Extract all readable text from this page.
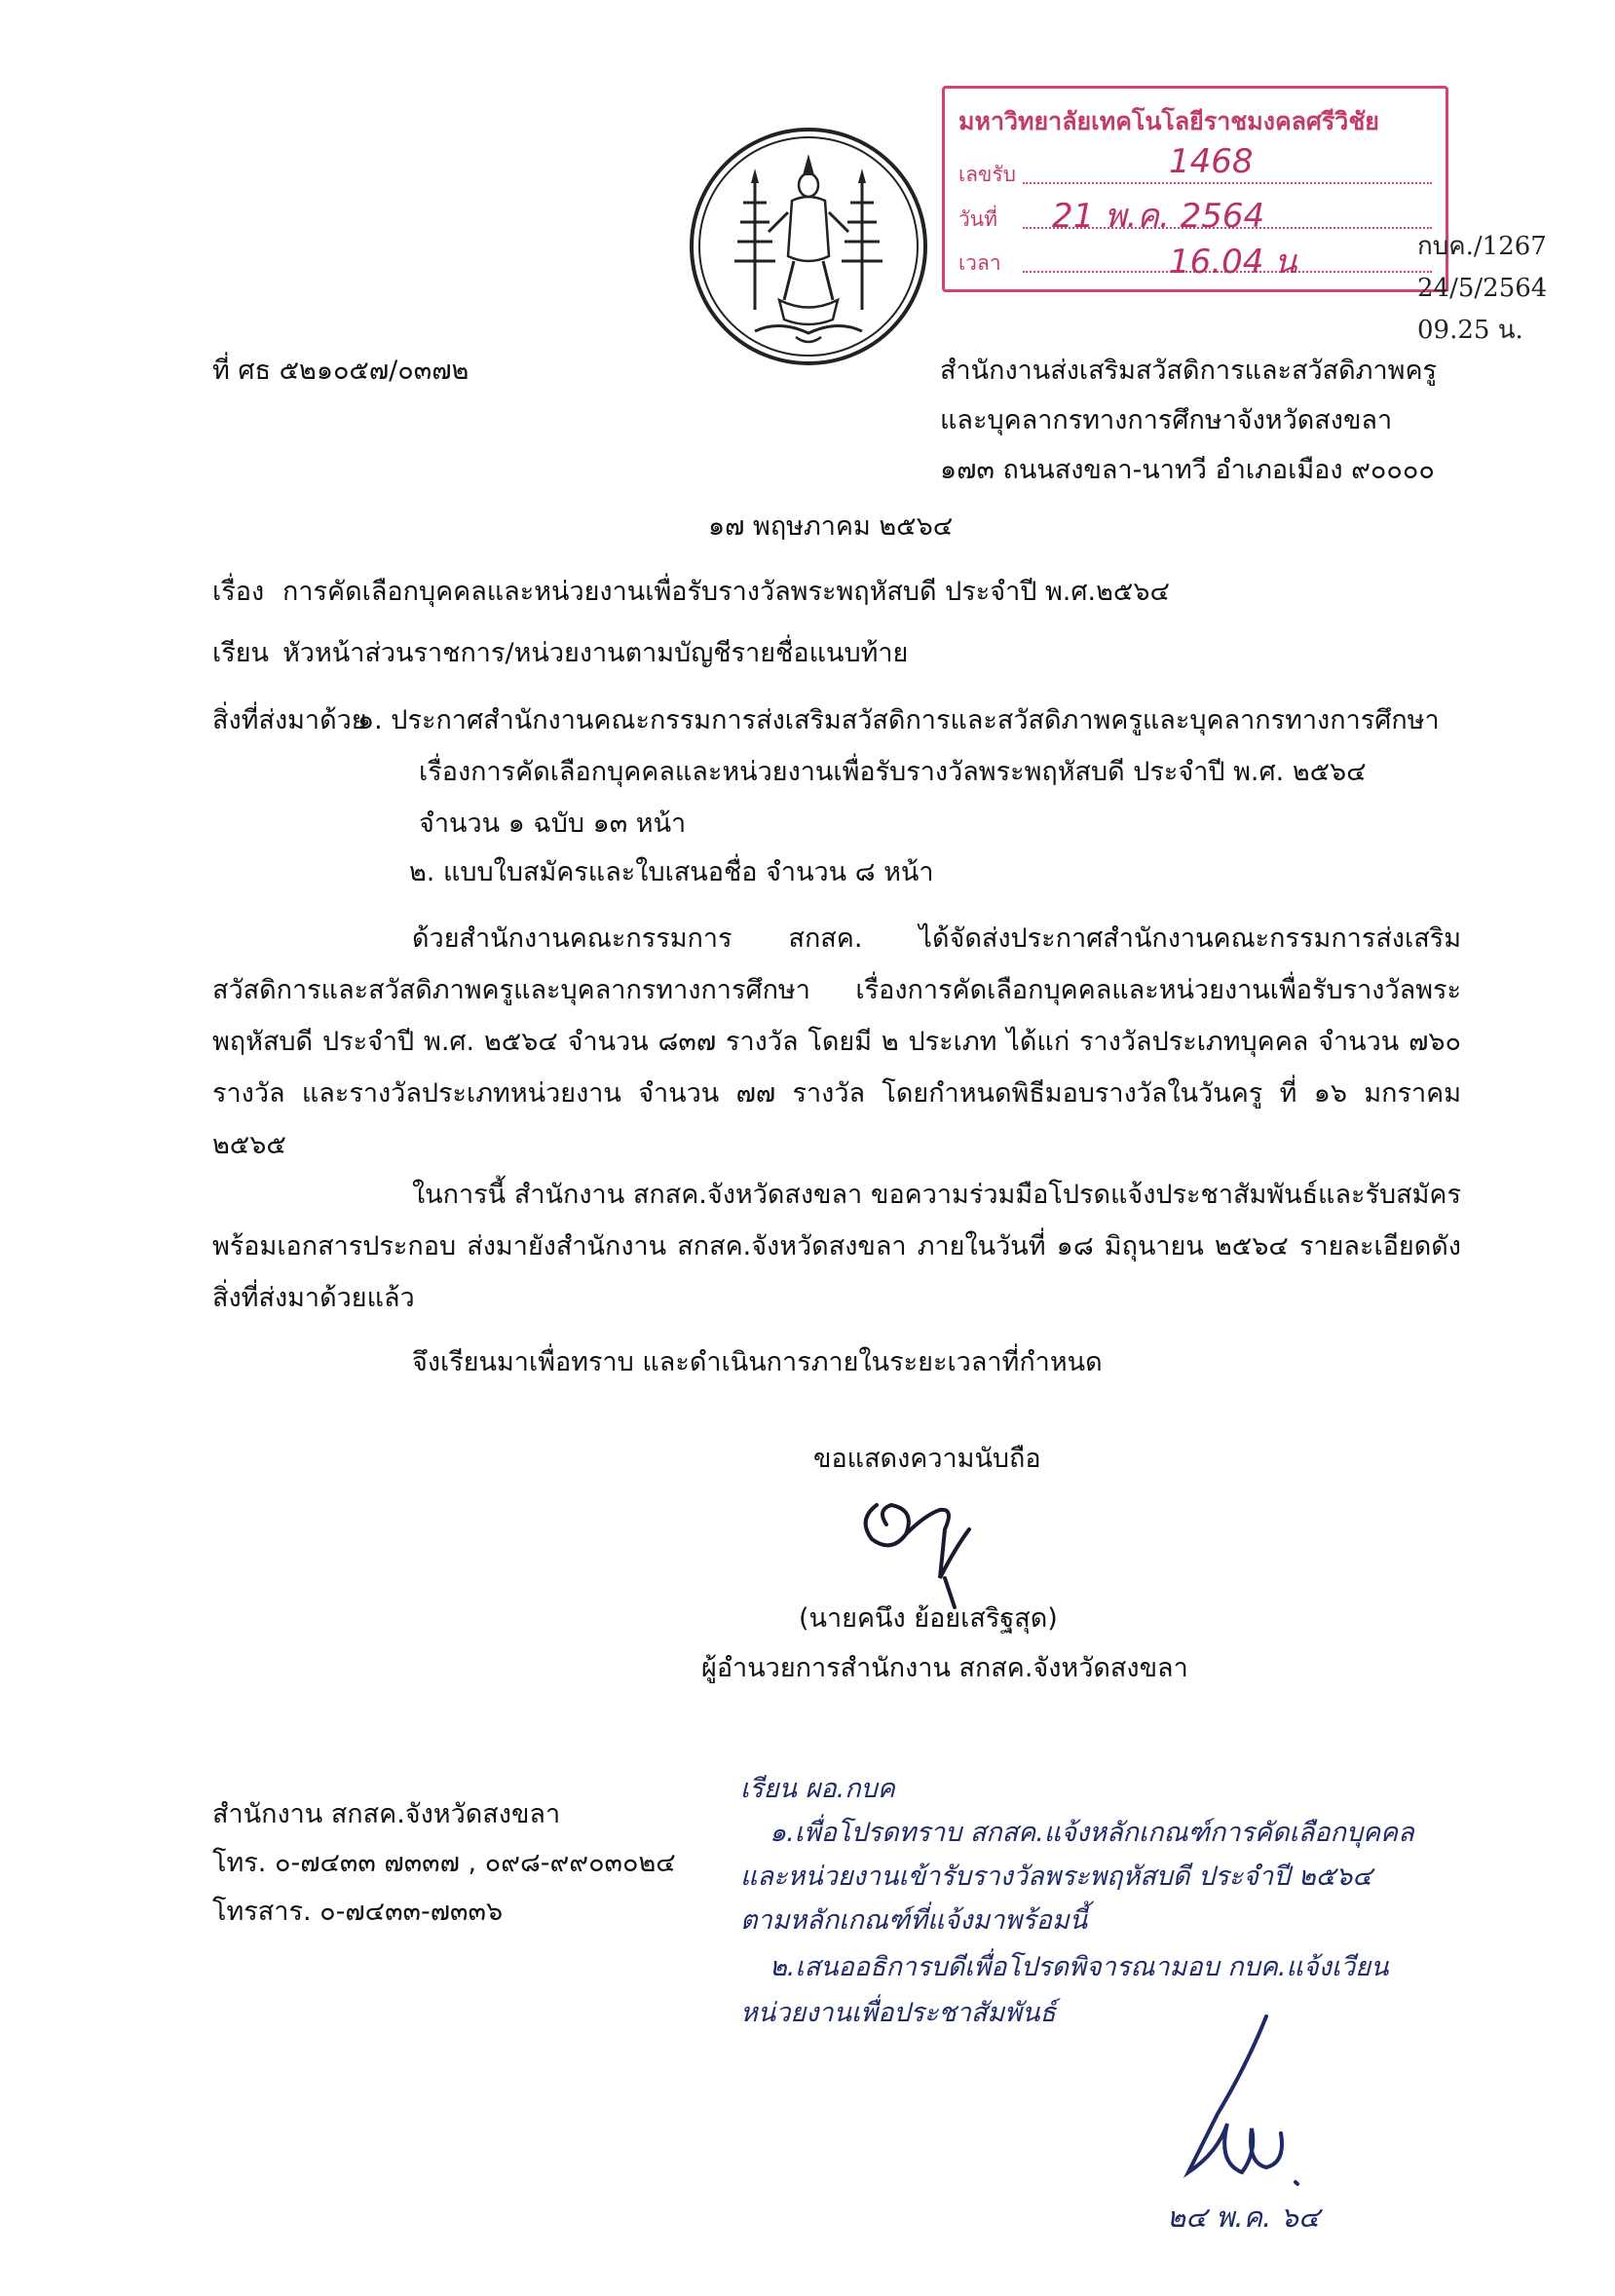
มหาวิทยาลัยเทคโนโลยีราชมงคลศรีวิชัย
เลขรับ	1468
วันที่ 21 พ.ค. 2564
เวลา	16.04 น	กบค./1267
24/5/2564
09.25 น.
ที่ ศธ ๕๒๑๐๕๗/๐๓๗๒	สำนักงานส่งเสริมสวัสดิการและสวัสดิภาพครู
และบุคลากรทางการศึกษาจังหวัดสงขลา
๑๗๓ ถนนสงขลา-นาทวี อำเภอเมือง ๙๐๐๐๐
๑๗ พฤษภาคม ๒๕๖๔
เรื่อง การคัดเลือกบุคคลและหน่วยงานเพื่อรับรางวัลพระพฤหัสบดี ประจำปี พ.ศ.๒๕๖๔
เรียน หัวหน้าส่วนราชการ/หน่วยงานตามบัญชีรายชื่อแนบท้าย
สิ่งที่ส่งมาด้วย
๑. ประกาศสำนักงานคณะกรรมการส่งเสริมสวัสดิการและสวัสดิภาพครูและบุคลากรทางการศึกษา
เรื่องการคัดเลือกบุคคลและหน่วยงานเพื่อรับรางวัลพระพฤหัสบดี ประจำปี พ.ศ. ๒๕๖๔
จำนวน ๑ ฉบับ ๑๓ หน้า
๒. แบบใบสมัครและใบเสนอชื่อ จำนวน ๘ หน้า
ด้วยสำนักงานคณะกรรมการ สกสค. ได้จัดส่งประกาศสำนักงานคณะกรรมการส่งเสริมสวัสดิการและสวัสดิภาพครูและบุคลากรทางการศึกษา เรื่องการคัดเลือกบุคคลและหน่วยงานเพื่อรับรางวัลพระพฤหัสบดี ประจำปี พ.ศ. ๒๕๖๔ จำนวน ๘๓๗ รางวัล โดยมี ๒ ประเภท ได้แก่ รางวัลประเภทบุคคล จำนวน ๗๖๐ รางวัล และรางวัลประเภทหน่วยงาน จำนวน ๗๗ รางวัล โดยกำหนดพิธีมอบรางวัลในวันครู ที่ ๑๖ มกราคม ๒๕๖๕
ในการนี้ สำนักงาน สกสค.จังหวัดสงขลา ขอความร่วมมือโปรดแจ้งประชาสัมพันธ์และรับสมัครพร้อมเอกสารประกอบ ส่งมายังสำนักงาน สกสค.จังหวัดสงขลา ภายในวันที่ ๑๘ มิถุนายน ๒๕๖๔ รายละเอียดดังสิ่งที่ส่งมาด้วยแล้ว
จึงเรียนมาเพื่อทราบ และดำเนินการภายในระยะเวลาที่กำหนด
ขอแสดงความนับถือ
(นายคนึง ย้อยเสริฐสุด)
ผู้อำนวยการสำนักงาน สกสค.จังหวัดสงขลา
สำนักงาน สกสค.จังหวัดสงขลา
โทร. ๐-๗๔๓๓ ๗๓๓๗ , ๐๙๘-๙๙๐๓๐๒๔
โทรสาร. ๐-๗๔๓๓-๗๓๓๖
เรียน ผอ.กบค
๑.เพื่อโปรดทราบ สกสค.แจ้งหลักเกณฑ์การคัดเลือกบุคคล
และหน่วยงานเข้ารับรางวัลพระพฤหัสบดี ประจำปี ๒๕๖๔
ตามหลักเกณฑ์ที่แจ้งมาพร้อมนี้
๒.เสนออธิการบดีเพื่อโปรดพิจารณามอบ กบค.แจ้งเวียน
หน่วยงานเพื่อประชาสัมพันธ์
๒๔ พ.ค. ๖๔
